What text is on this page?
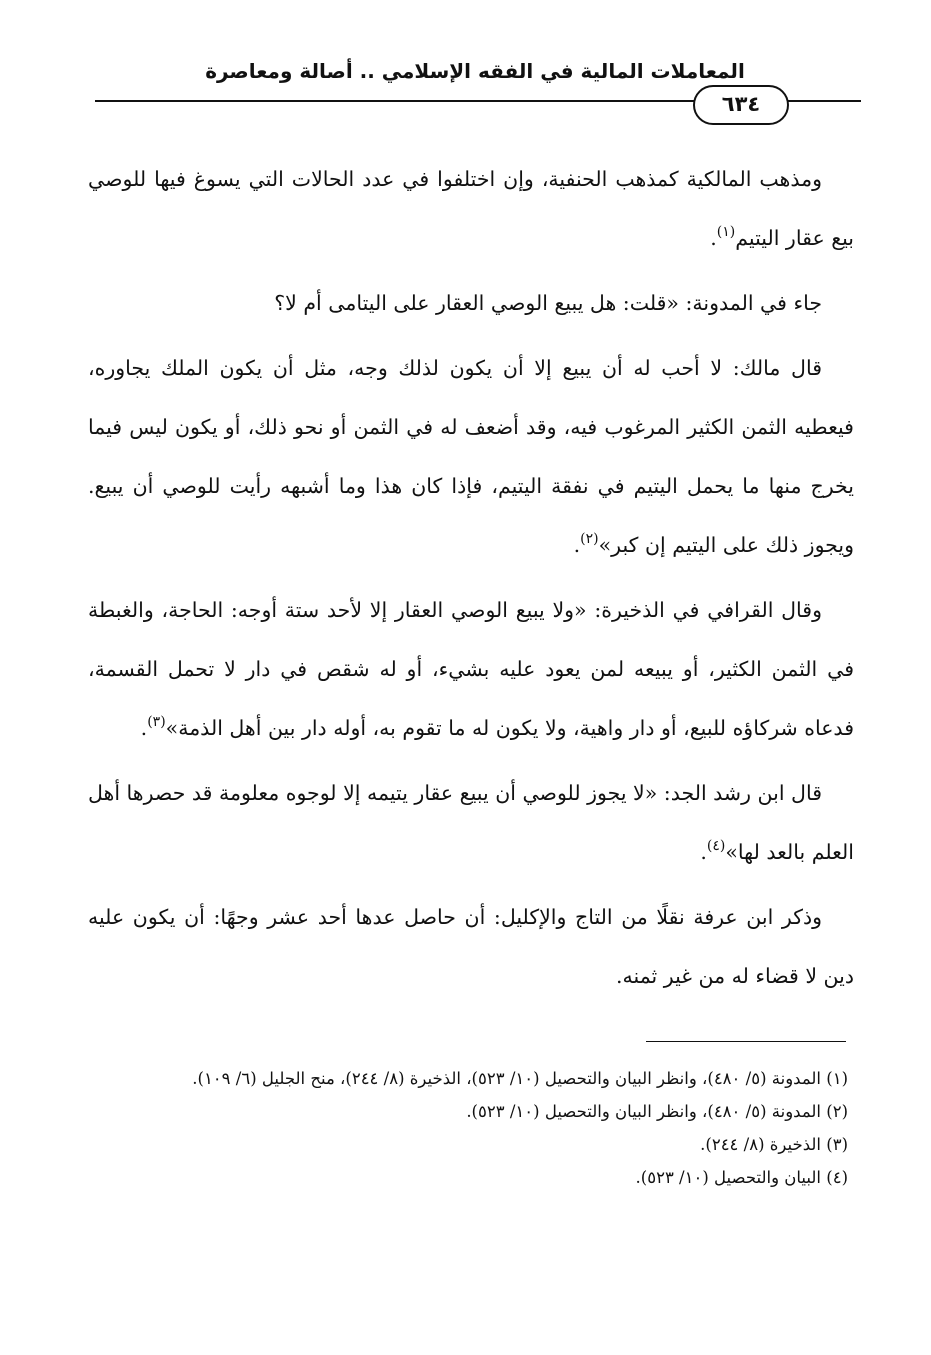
المعاملات المالية في الفقه الإسلامي .. أصالة ومعاصرة
٦٣٤

ومذهب المالكية كمذهب الحنفية، وإن اختلفوا في عدد الحالات التي يسوغ فيها للوصي بيع عقار اليتيم$^{(١)}$.

جاء في المدونة: «قلت: هل يبيع الوصي العقار على اليتامى أم لا؟

قال مالك: لا أحب له أن يبيع إلا أن يكون لذلك وجه، مثل أن يكون الملك يجاوره، فيعطيه الثمن الكثير المرغوب فيه، وقد أضعف له في الثمن أو نحو ذلك، أو يكون ليس فيما يخرج منها ما يحمل اليتيم في نفقة اليتيم، فإذا كان هذا وما أشبهه رأيت للوصي أن يبيع. ويجوز ذلك على اليتيم إن كبر»$^{(٢)}$.

وقال القرافي في الذخيرة: «ولا يبيع الوصي العقار إلا لأحد ستة أوجه: الحاجة، والغبطة في الثمن الكثير، أو يبيعه لمن يعود عليه بشيء، أو له شقص في دار لا تحمل القسمة، فدعاه شركاؤه للبيع، أو دار واهية، ولا يكون له ما تقوم به، أوله دار بين أهل الذمة»$^{(٣)}$.

قال ابن رشد الجد: «لا يجوز للوصي أن يبيع عقار يتيمه إلا لوجوه معلومة قد حصرها أهل العلم بالعد لها»$^{(٤)}$.

وذكر ابن عرفة نقلًا من التاج والإكليل: أن حاصل عدها أحد عشر وجهًا: أن يكون عليه دين لا قضاء له من غير ثمنه.

(١) المدونة (٥/ ٤٨٠)، وانظر البيان والتحصيل (١٠/ ٥٢٣)، الذخيرة (٨/ ٢٤٤)، منح الجليل (٦/ ١٠٩).

(٢) المدونة (٥/ ٤٨٠)، وانظر البيان والتحصيل (١٠/ ٥٢٣).

(٣) الذخيرة (٨/ ٢٤٤).

(٤) البيان والتحصيل (١٠/ ٥٢٣).
